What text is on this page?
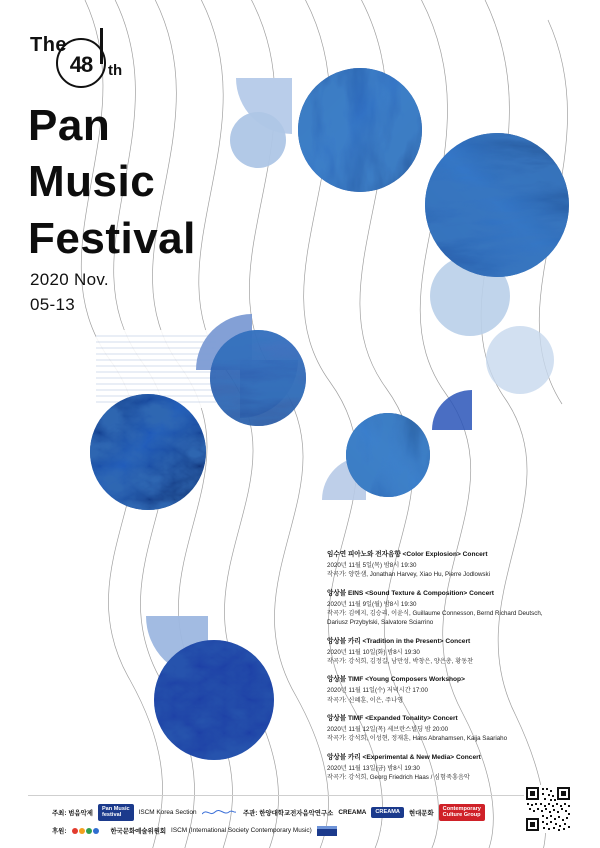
The
48	th
Pan
Music
Festival
2020 Nov.
05-13
임수연 피아노와 전자음향 <Color Explosion> Concert
2020년 11월 5일(목) 밤8시 19:30
작곡가: 양한샘, Jonathan Harvey, Xiao Hu, Pierre Jodlowski
앙상블 EINS <Sound Texture & Composition> Concert
2020년 11월 9일(월) 밤8시 19:30
작곡가: 김예지, 김승리, 이윤식, Guillaume Connesson, Bernd Richard Deutsch,
Dariusz Przybylski, Salvatore Sciarrino
앙상블 카리 <Tradition in the Present> Concert
2020년 11월 10일(화) 밤8시 19:30
작곡가: 강석희, 김정길, 남만성, 박창은, 양은총, 황동찬
앙상블 TIMF <Young Composers Workshop>
2020년 11월 11일(수) 저녁시간 17:00
작곡가: 신혜훈, 이은, 주나영
앙상블 TIMF <Expanded Tonality> Concert
2020년 11월 12일(목) 세브란스빌딩 밤 20:00
작곡가: 강석희, 이성현, 정재훈, Hans Abrahamsen, Kaija Saariaho
앙상블 카리 <Experimental & New Media> Concert
2020년 11월 13일(금) 밤8시 19:30
작곡가: 강석희, Georg Friedrich Haas / 심험죽흥음악
주최: 범음악제
Pan Music
festival	ISCM Korea Section
후원:	한국문화예술위원회 ISCM (International Society Contemporary Music)
주관: 한양대학교전자음악연구소 CREAMA	CREAMA	현대문화
Contemporary
Culture Group
